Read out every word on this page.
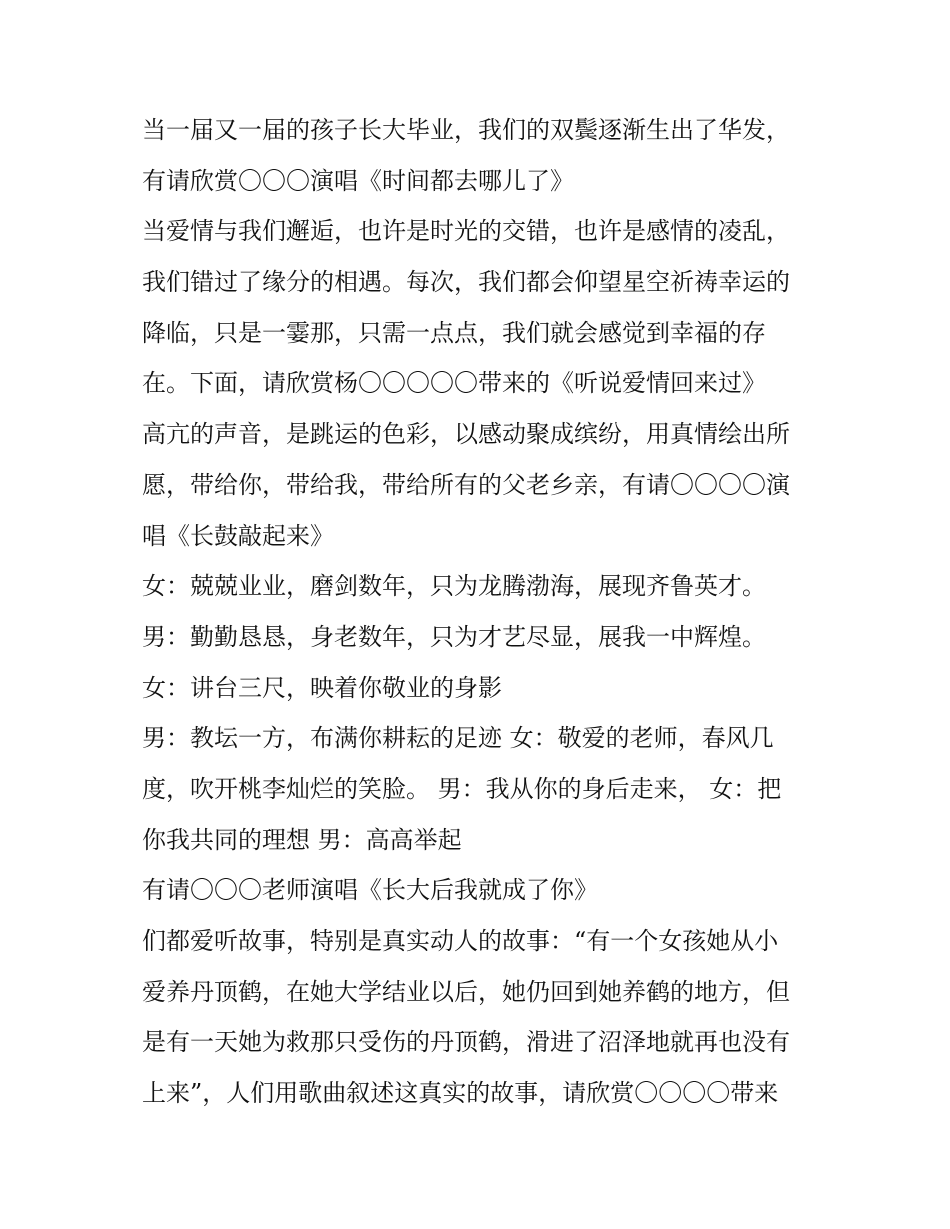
当一届又一届的孩子长大毕业，我们的双鬓逐渐生出了华发，
有请欣赏〇〇〇演唱《时间都去哪儿了》
当爱情与我们邂逅，也许是时光的交错，也许是感情的凌乱，
我们错过了缘分的相遇。每次，我们都会仰望星空祈祷幸运的
降临，只是一霎那，只需一点点，我们就会感觉到幸福的存
在。下面，请欣赏杨〇〇〇〇〇带来的《听说爱情回来过》
高亢的声音，是跳运的色彩，以感动聚成缤纷，用真情绘出所
愿，带给你，带给我，带给所有的父老乡亲，有请〇〇〇〇演
唱《长鼓敲起来》
女：兢兢业业，磨剑数年，只为龙腾渤海，展现齐鲁英才。
男：勤勤恳恳，身老数年，只为才艺尽显，展我一中辉煌。
女：讲台三尺，映着你敬业的身影
男：教坛一方，布满你耕耘的足迹 女：敬爱的老师，春风几
度，吹开桃李灿烂的笑脸。 男：我从你的身后走来， 女：把
你我共同的理想 男：高高举起
有请〇〇〇老师演唱《长大后我就成了你》
们都爱听故事，特别是真实动人的故事：“有一个女孩她从小
爱养丹顶鹤，在她大学结业以后，她仍回到她养鹤的地方，但
是有一天她为救那只受伤的丹顶鹤，滑进了沼泽地就再也没有
上来”，人们用歌曲叙述这真实的故事，请欣赏〇〇〇〇带来
